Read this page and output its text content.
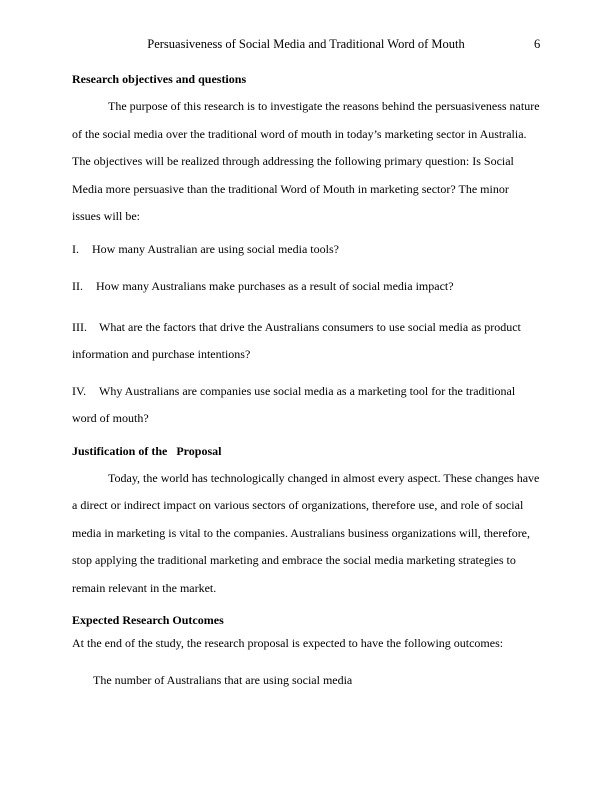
Persuasiveness of Social Media and Traditional Word of Mouth	6
Research objectives and questions

The purpose of this research is to investigate the reasons behind the persuasiveness nature of the social media over the traditional word of mouth in today’s marketing sector in Australia. The objectives will be realized through addressing the following primary question: Is Social Media more persuasive than the traditional Word of Mouth in marketing sector? The minor issues will be:

I. How many Australian are using social media tools?
II. How many Australians make purchases as a result of social media impact?
III. What are the factors that drive the Australians consumers to use social media as product information and purchase intentions?
IV. Why Australians are companies use social media as a marketing tool for the traditional word of mouth?
Justification of the   Proposal

Today, the world has technologically changed in almost every aspect. These changes have a direct or indirect impact on various sectors of organizations, therefore use, and role of social media in marketing is vital to the companies. Australians business organizations will, therefore, stop applying the traditional marketing and embrace the social media marketing strategies to remain relevant in the market.

Expected Research Outcomes

At the end of the study, the research proposal is expected to have the following outcomes:

The number of Australians that are using social media
